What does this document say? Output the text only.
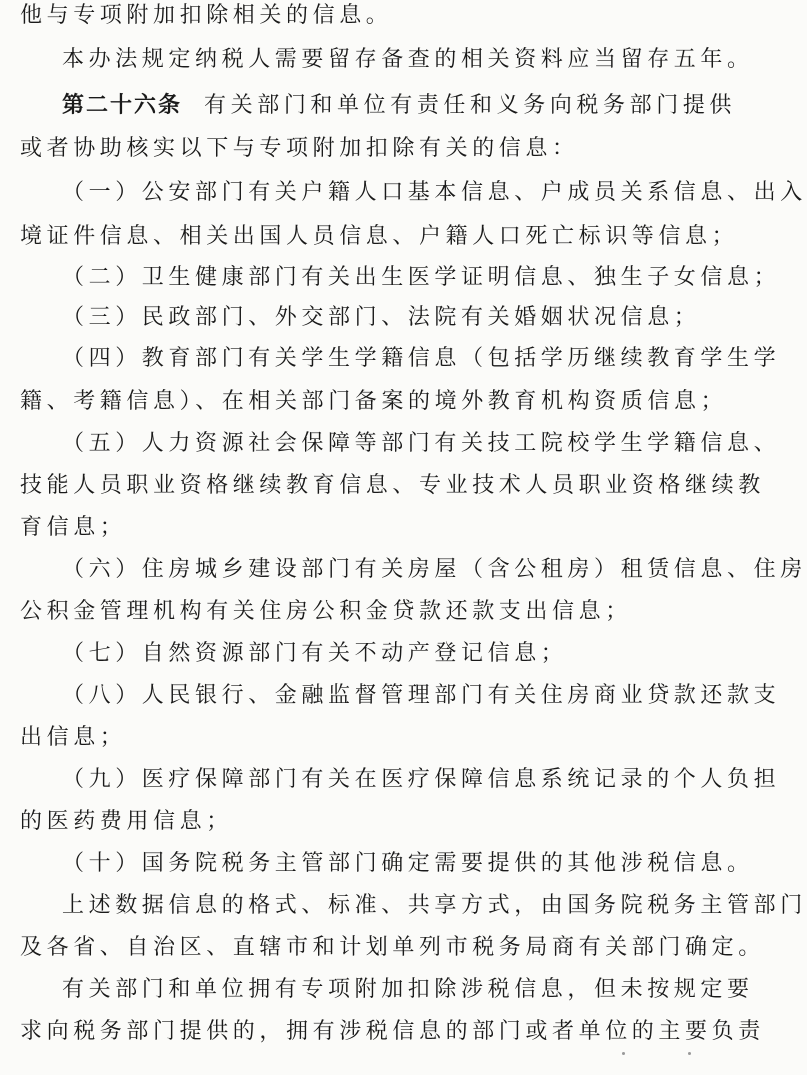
他与专项附加扣除相关的信息。
本办法规定纳税人需要留存备查的相关资料应当留存五年。
第二十六条 有关部门和单位有责任和义务向税务部门提供
或者协助核实以下与专项附加扣除有关的信息：
（一）公安部门有关户籍人口基本信息、户成员关系信息、出入
境证件信息、相关出国人员信息、户籍人口死亡标识等信息；
（二）卫生健康部门有关出生医学证明信息、独生子女信息；
（三）民政部门、外交部门、法院有关婚姻状况信息；
（四）教育部门有关学生学籍信息（包括学历继续教育学生学
籍、考籍信息）、在相关部门备案的境外教育机构资质信息；
（五）人力资源社会保障等部门有关技工院校学生学籍信息、
技能人员职业资格继续教育信息、专业技术人员职业资格继续教
育信息；
（六）住房城乡建设部门有关房屋（含公租房）租赁信息、住房
公积金管理机构有关住房公积金贷款还款支出信息；
（七）自然资源部门有关不动产登记信息；
（八）人民银行、金融监督管理部门有关住房商业贷款还款支
出信息；
（九）医疗保障部门有关在医疗保障信息系统记录的个人负担
的医药费用信息；
（十）国务院税务主管部门确定需要提供的其他涉税信息。
上述数据信息的格式、标准、共享方式，由国务院税务主管部门
及各省、自治区、直辖市和计划单列市税务局商有关部门确定。
有关部门和单位拥有专项附加扣除涉税信息，但未按规定要
求向税务部门提供的，拥有涉税信息的部门或者单位的主要负责
